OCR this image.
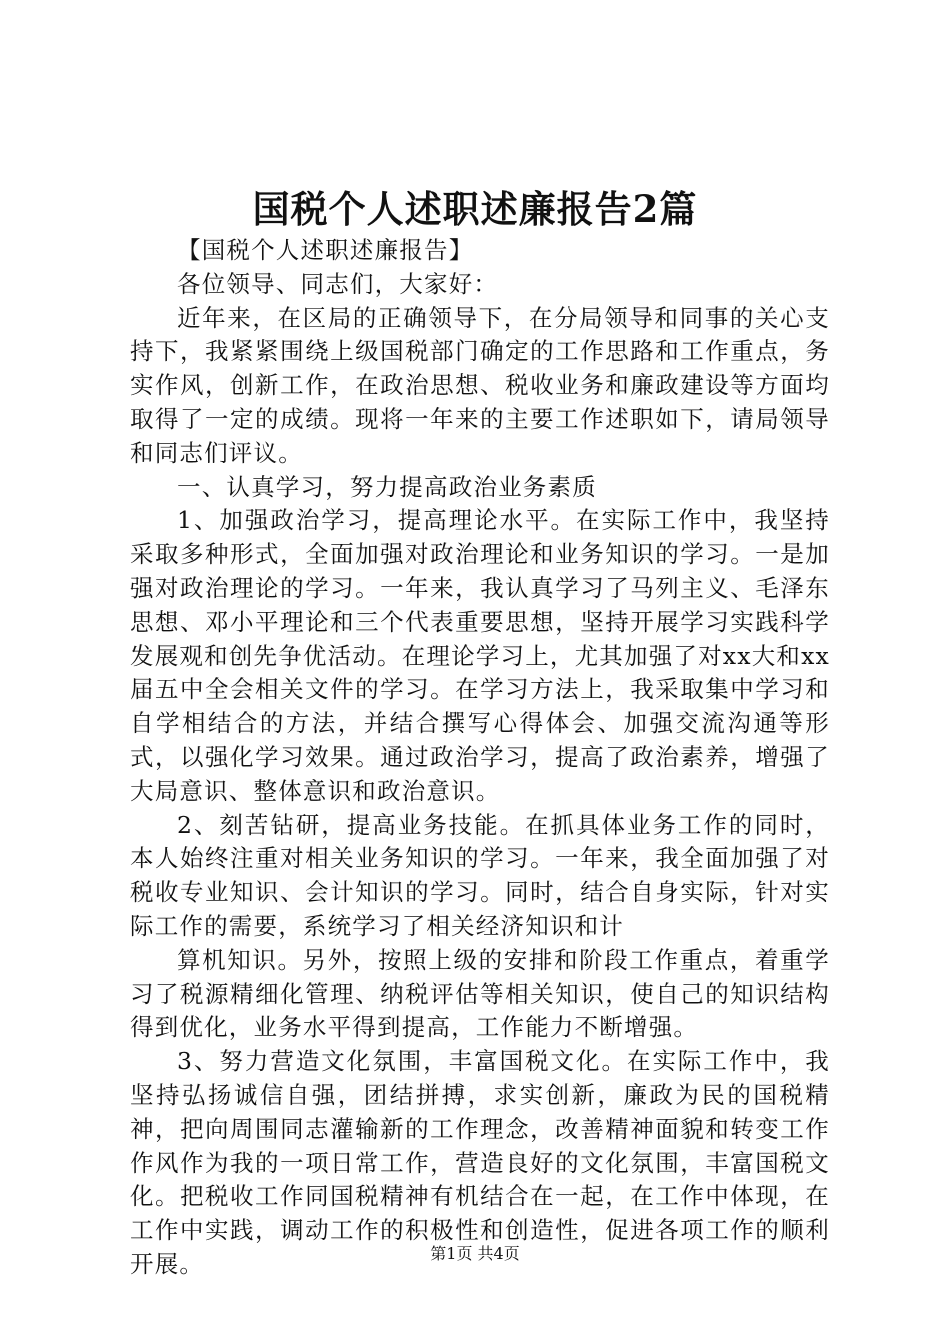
国税个人述职述廉报告2篇

【国税个人述职述廉报告】

各位领导、同志们，大家好：

近年来，在区局的正确领导下，在分局领导和同事的关心支持下，我紧紧围绕上级国税部门确定的工作思路和工作重点，务实作风，创新工作，在政治思想、税收业务和廉政建设等方面均取得了一定的成绩。现将一年来的主要工作述职如下，请局领导和同志们评议。

一、认真学习，努力提高政治业务素质

1、加强政治学习，提高理论水平。在实际工作中，我坚持采取多种形式，全面加强对政治理论和业务知识的学习。一是加强对政治理论的学习。一年来，我认真学习了马列主义、毛泽东思想、邓小平理论和三个代表重要思想，坚持开展学习实践科学发展观和创先争优活动。在理论学习上，尤其加强了对xx大和xx届五中全会相关文件的学习。在学习方法上，我采取集中学习和自学相结合的方法，并结合撰写心得体会、加强交流沟通等形式，以强化学习效果。通过政治学习，提高了政治素养，增强了大局意识、整体意识和政治意识。

2、刻苦钻研，提高业务技能。在抓具体业务工作的同时，本人始终注重对相关业务知识的学习。一年来，我全面加强了对税收专业知识、会计知识的学习。同时，结合自身实际，针对实际工作的需要，系统学习了相关经济知识和计

算机知识。另外，按照上级的安排和阶段工作重点，着重学习了税源精细化管理、纳税评估等相关知识，使自己的知识结构得到优化，业务水平得到提高，工作能力不断增强。

3、努力营造文化氛围，丰富国税文化。在实际工作中，我坚持弘扬诚信自强，团结拼搏，求实创新，廉政为民的国税精神，把向周围同志灌输新的工作理念，改善精神面貌和转变工作作风作为我的一项日常工作，营造良好的文化氛围，丰富国税文化。把税收工作同国税精神有机结合在一起，在工作中体现，在工作中实践，调动工作的积极性和创造性，促进各项工作的顺利开展。	第1页 共4页
